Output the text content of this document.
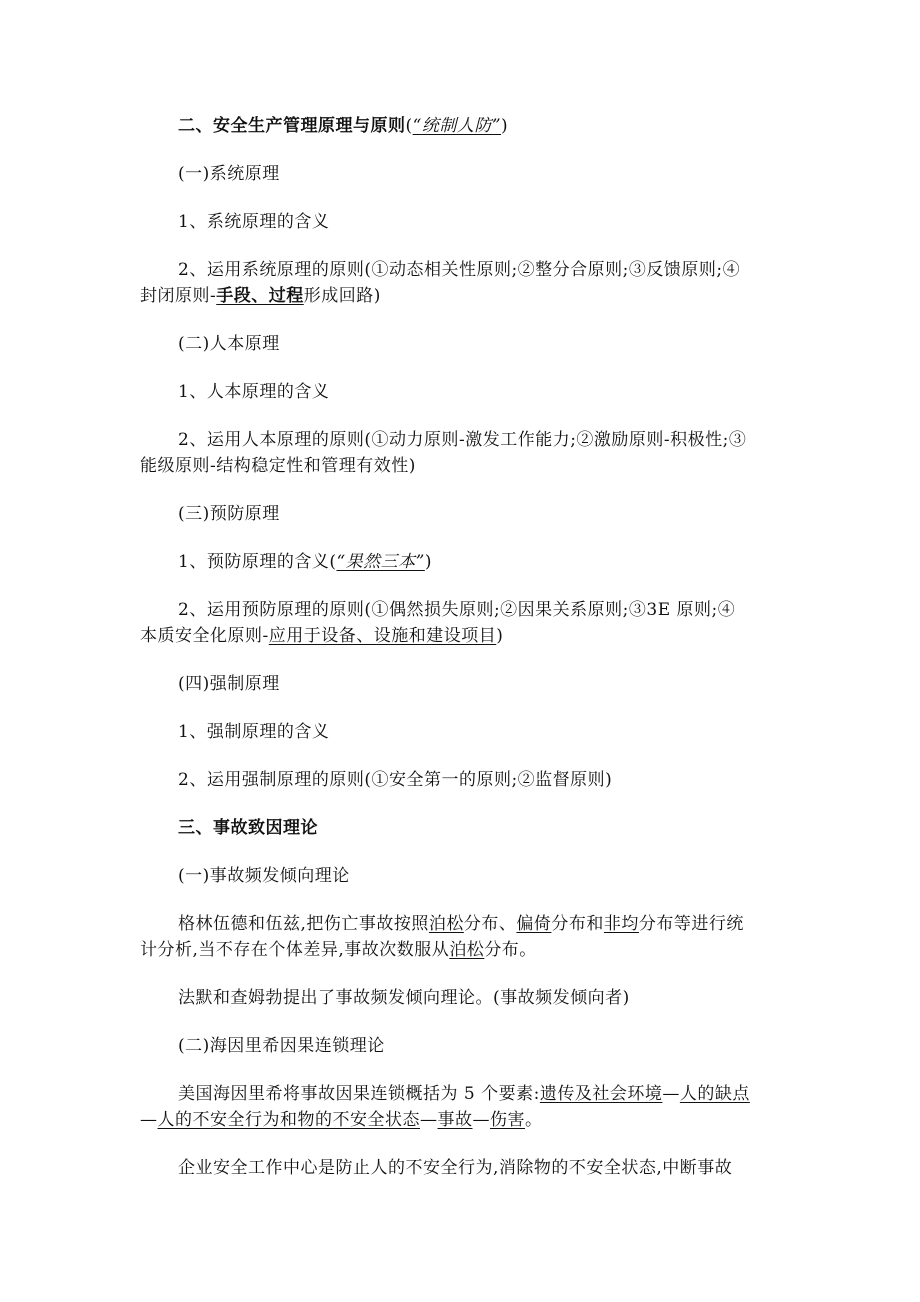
二、安全生产管理原理与原则(“统制人防”)
(一)系统原理
1、系统原理的含义
2、运用系统原理的原则(①动态相关性原则;②整分合原则;③反馈原则;④
封闭原则-手段、过程形成回路)
(二)人本原理
1、人本原理的含义
2、运用人本原理的原则(①动力原则-激发工作能力;②激励原则-积极性;③
能级原则-结构稳定性和管理有效性)
(三)预防原理
1、预防原理的含义(“果然三本”)
2、运用预防原理的原则(①偶然损失原则;②因果关系原则;③3E 原则;④
本质安全化原则-应用于设备、设施和建设项目)
(四)强制原理
1、强制原理的含义
2、运用强制原理的原则(①安全第一的原则;②监督原则)
三、事故致因理论
(一)事故频发倾向理论
格林伍德和伍兹,把伤亡事故按照泊松分布、偏倚分布和非均分布等进行统
计分析,当不存在个体差异,事故次数服从泊松分布。
法默和查姆勃提出了事故频发倾向理论。(事故频发倾向者)
(二)海因里希因果连锁理论
美国海因里希将事故因果连锁概括为 5 个要素:遗传及社会环境—人的缺点
—人的不安全行为和物的不安全状态—事故—伤害。
企业安全工作中心是防止人的不安全行为,消除物的不安全状态,中断事故
